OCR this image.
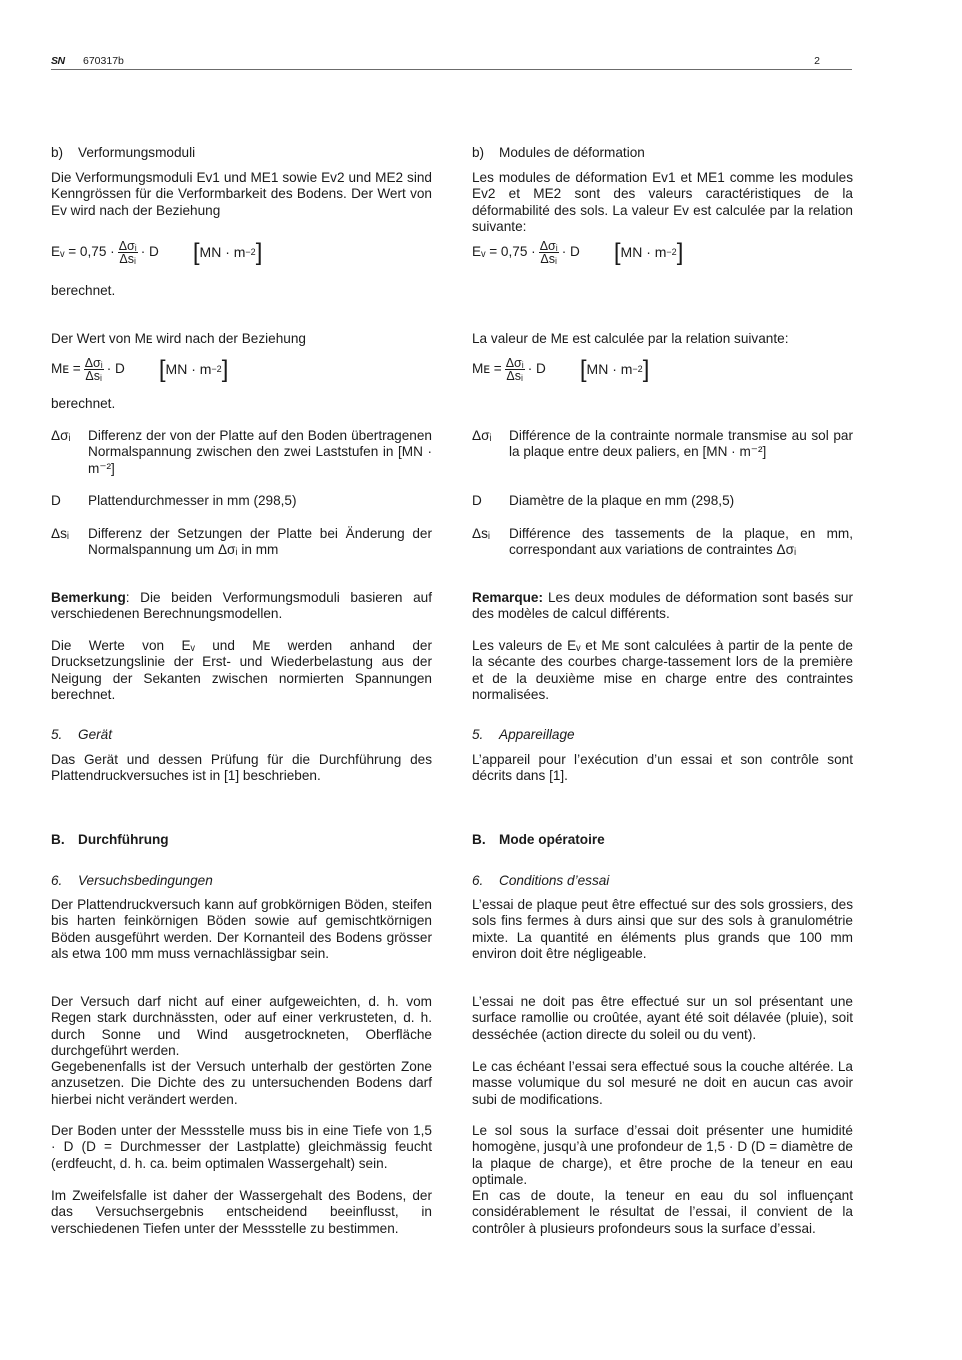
SN 670317b	2
b) Verformungsmoduli
Die Verformungsmoduli Ev1 und ME1 sowie Ev2 und ME2 sind Kenngrössen für die Verformbarkeit des Bodens. Der Wert von Ev wird nach der Beziehung
Eᵥ = $0,75 \cdot \frac{\text{Δσᵢ}}{\text{Δsᵢ}} \cdot D$ [ MN · m −2 ]
berechnet.
Der Wert von Mᴇ wird nach der Beziehung
Mᴇ = $\frac{\text{Δσᵢ}}{\text{Δsᵢ}} \cdot D$ [ MN · m −2 ]
berechnet.
Δσᵢ	Differenz der von der Platte auf den Boden übertragenen Normalspannung zwischen den zwei Laststufen in [MN · m⁻²]
D	Plattendurchmesser in mm (298,5)
Δsᵢ	Differenz der Setzungen der Platte bei Änderung der Normalspannung um Δσᵢ in mm
Bemerkung: Die beiden Verformungsmoduli basieren auf verschiedenen Berechnungsmodellen.
Die Werte von Eᵥ und Mᴇ werden anhand der Drucksetzungslinie der Erst- und Wiederbelastung aus der Neigung der Sekanten zwischen normierten Spannungen berechnet.
5. Gerät
Das Gerät und dessen Prüfung für die Durchführung des Plattendruckversuches ist in [1] beschrieben.
B. Durchführung
6. Versuchsbedingungen
Der Plattendruckversuch kann auf grobkörnigen Böden, steifen bis harten feinkörnigen Böden sowie auf gemischtkörnigen Böden ausgeführt werden. Der Kornanteil des Bodens grösser als etwa 100 mm muss vernachlässigbar sein.
Der Versuch darf nicht auf einer aufgeweichten, d. h. vom Regen stark durchnässten, oder auf einer verkrusteten, d. h. durch Sonne und Wind ausgetrockneten, Oberfläche durchgeführt werden.
Gegebenenfalls ist der Versuch unterhalb der gestörten Zone anzusetzen. Die Dichte des zu untersuchenden Bodens darf hierbei nicht verändert werden.
Der Boden unter der Messstelle muss bis in eine Tiefe von 1,5 · D (D = Durchmesser der Lastplatte) gleichmässig feucht (erdfeucht, d. h. ca. beim optimalen Wassergehalt) sein.
Im Zweifelsfalle ist daher der Wassergehalt des Bodens, der das Versuchsergebnis entscheidend beeinflusst, in verschiedenen Tiefen unter der Messstelle zu bestimmen.
b) Modules de déformation
Les modules de déformation Ev1 et ME1 comme les modules Ev2 et ME2 sont des valeurs caractéristiques de la déformabilité des sols. La valeur Ev est calculée par la relation suivante:
Eᵥ = $0,75 \cdot \frac{\text{Δσᵢ}}{\text{Δsᵢ}} \cdot D$ [ MN · m −2 ]
La valeur de Mᴇ est calculée par la relation suivante:
Mᴇ = $\frac{\text{Δσᵢ}}{\text{Δsᵢ}} \cdot D$ [ MN · m −2 ]
Δσᵢ	Différence de la contrainte normale transmise au sol par la plaque entre deux paliers, en [MN · m⁻²]
D	Diamètre de la plaque en mm (298,5)
Δsᵢ	Différence des tassements de la plaque, en mm, correspondant aux variations de contraintes Δσᵢ
Remarque: Les deux modules de déformation sont basés sur des modèles de calcul différents.
Les valeurs de Eᵥ et Mᴇ sont calculées à partir de la pente de la sécante des courbes charge-tassement lors de la première et de la deuxième mise en charge entre des contraintes normalisées.
5. Appareillage
L’appareil pour l’exécution d’un essai et son contrôle sont décrits dans [1].
B. Mode opératoire
6. Conditions d’essai
L’essai de plaque peut être effectué sur des sols grossiers, des sols fins fermes à durs ainsi que sur des sols à granulométrie mixte. La quantité en éléments plus grands que 100 mm environ doit être négligeable.
L’essai ne doit pas être effectué sur un sol présentant une surface ramollie ou croûtée, ayant été soit délavée (pluie), soit desséchée (action directe du soleil ou du vent).
Le cas échéant l’essai sera effectué sous la couche altérée. La masse volumique du sol mesuré ne doit en aucun cas avoir subi de modifications.
Le sol sous la surface d’essai doit présenter une humidité homogène, jusqu’à une profondeur de 1,5 · D (D = diamètre de la plaque de charge), et être proche de la teneur en eau optimale.
En cas de doute, la teneur en eau du sol influençant considérablement le résultat de l’essai, il convient de la contrôler à plusieurs profondeurs sous la surface d’essai.
